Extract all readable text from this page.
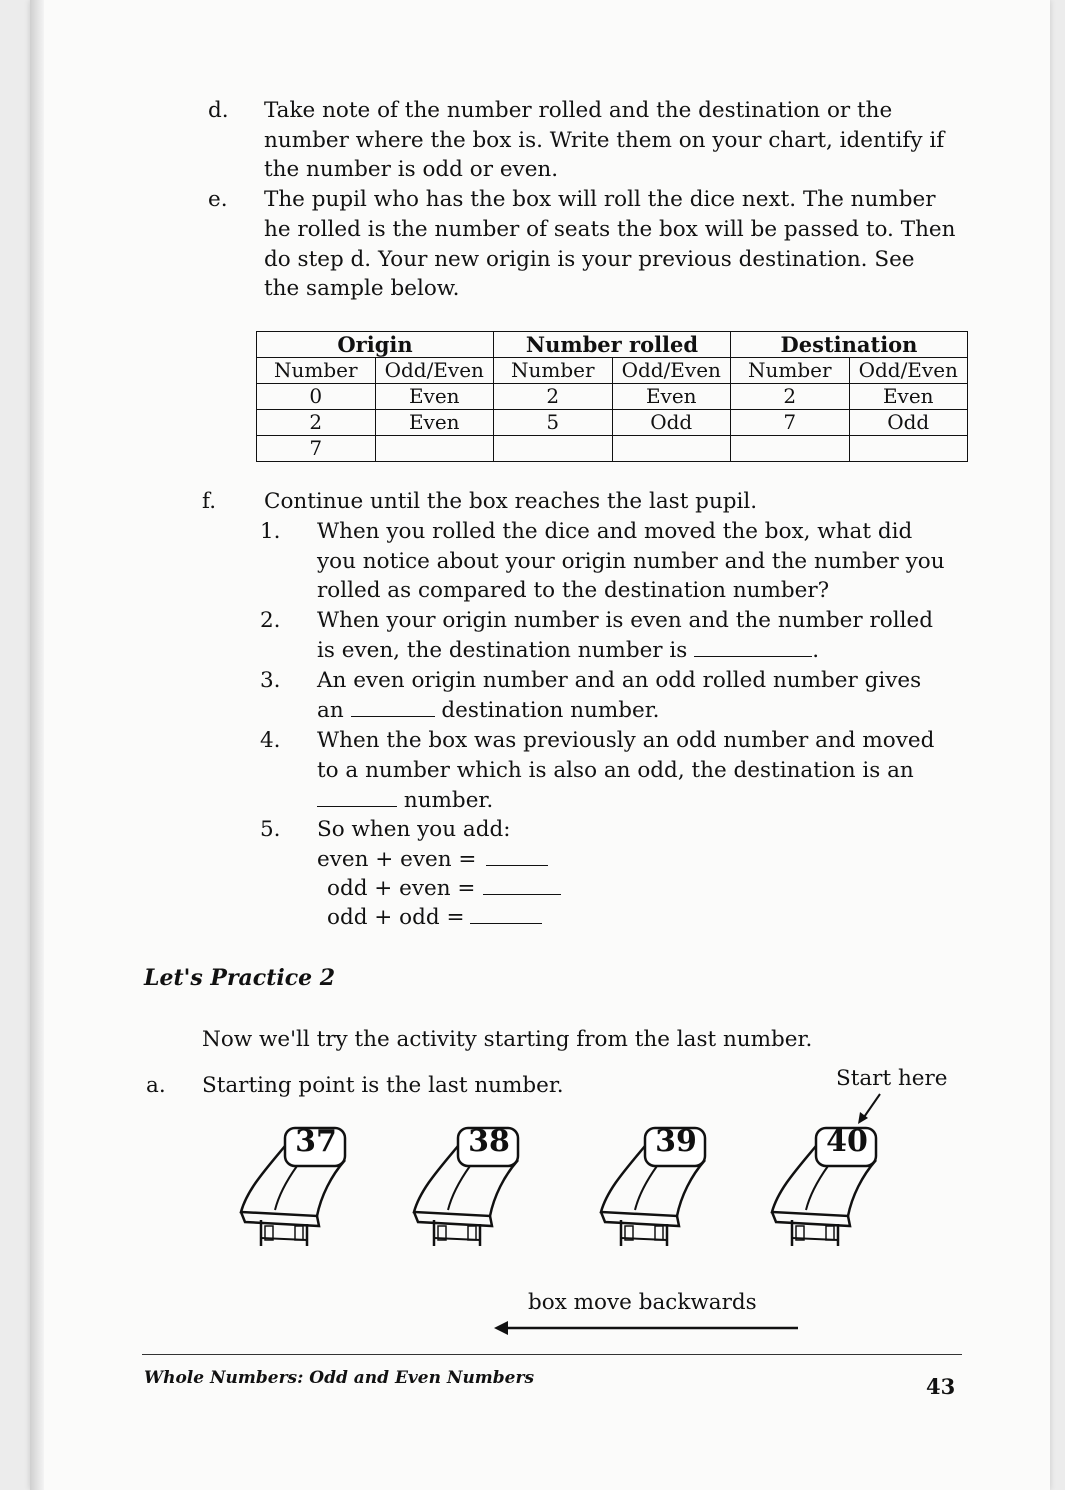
d. Take note of the number rolled and the destination or the
number where the box is. Write them on your chart, identify if
the number is odd or even.
e. The pupil who has the box will roll the dice next. The number
he rolled is the number of seats the box will be passed to. Then
do step d. Your new origin is your previous destination. See
the sample below.
Origin		Number rolled		Destination	
Number	Odd/Even	Number	Odd/Even	Number	Odd/Even
0	Even	2	Even	2	Even
2	Even	5	Odd	7	Odd
7					
f. Continue until the box reaches the last pupil.
1. When you rolled the dice and moved the box, what did
you notice about your origin number and the number you
rolled as compared to the destination number?
2. When your origin number is even and the number rolled
is even, the destination number is	.
3. An even origin number and an odd rolled number gives
an	destination number.
4. When the box was previously an odd number and moved
to a number which is also an odd, the destination is an
number.
5. So when you add:
even + even =
odd + even =
odd + odd =
Let's Practice 2
Now we'll try the activity starting from the last number.
a. Starting point is the last number.	Start here
37	38	39	40
box move backwards
Whole Numbers: Odd and Even Numbers	43
